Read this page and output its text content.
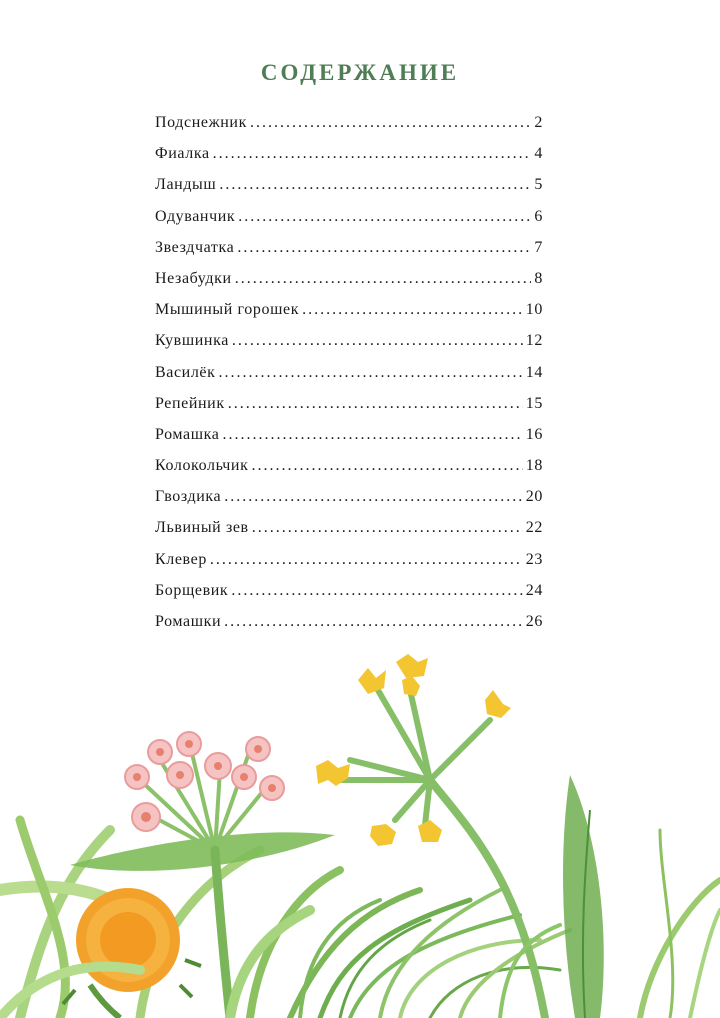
СОДЕРЖАНИЕ
Подснежник .....	2
Фиалка .....	4
Ландыш .....	5
Одуванчик .....	6
Звездчатка .....	7
Незабудки .....	8
Мышиный горошек .....	10
Кувшинка .....	12
Василёк .....	14
Репейник .....	15
Ромашка .....	16
Колокольчик .....	18
Гвоздика .....	20
Львиный зев .....	22
Клевер .....	23
Борщевик .....	24
Ромашки .....	26
